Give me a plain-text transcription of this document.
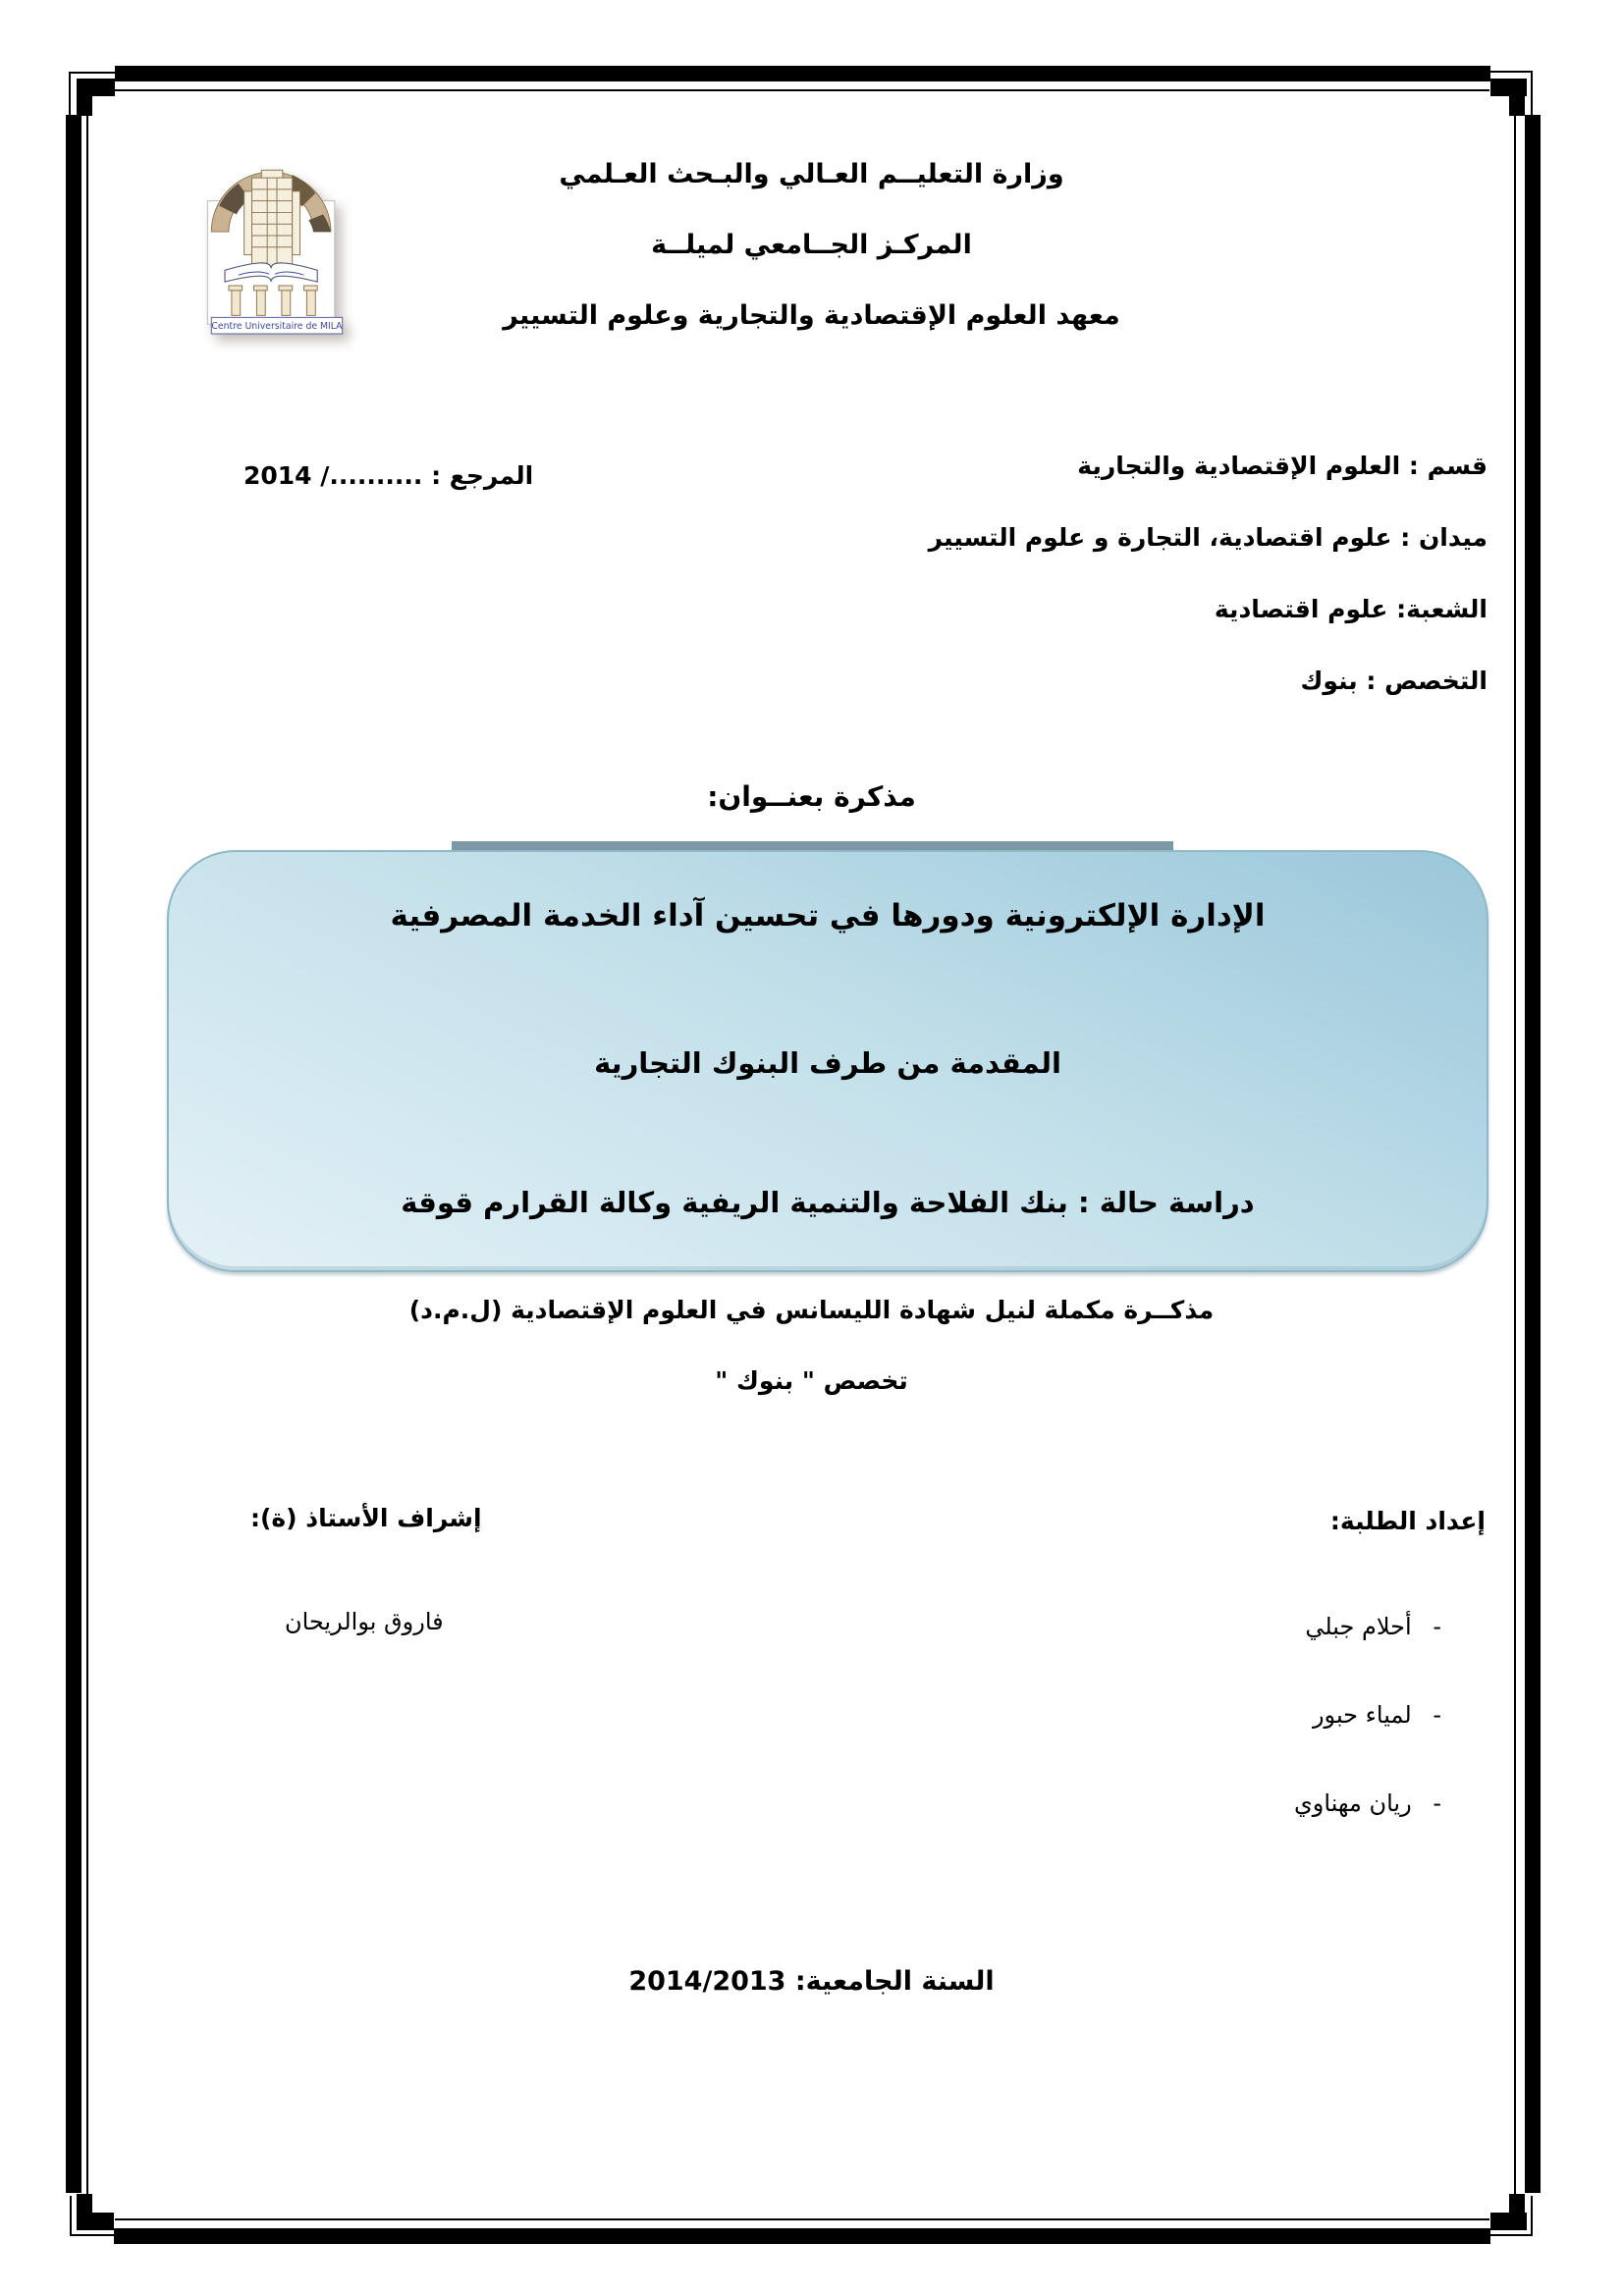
Centre Universitaire de MILA
وزارة التعليــم العـالي والبـحث العـلمي
المركـز الجــامعي لميلــة
معهد العلوم الإقتصادية والتجارية وعلوم التسيير
قسم : العلوم الإقتصادية والتجارية
ميدان : علوم اقتصادية، التجارة و علوم التسيير
الشعبة: علوم اقتصادية
التخصص : بنوك
المرجع : ........../ 2014
مذكرة بعنــوان:
الإدارة الإلكترونية ودورها في تحسين آداء الخدمة المصرفية
المقدمة من طرف البنوك التجارية
دراسة حالة : بنك الفلاحة والتنمية الريفية وكالة القرارم قوقة
مذكــرة مكملة لنيل شهادة الليسانس في العلوم الإقتصادية (ل.م.د)
تخصص " بنوك "
إعداد الطلبة:
إشراف الأستاذ (ة):
- أحلام جبلي
- لمياء حبور
- ريان مهناوي
فاروق بوالريحان
السنة الجامعية: 2014/2013
